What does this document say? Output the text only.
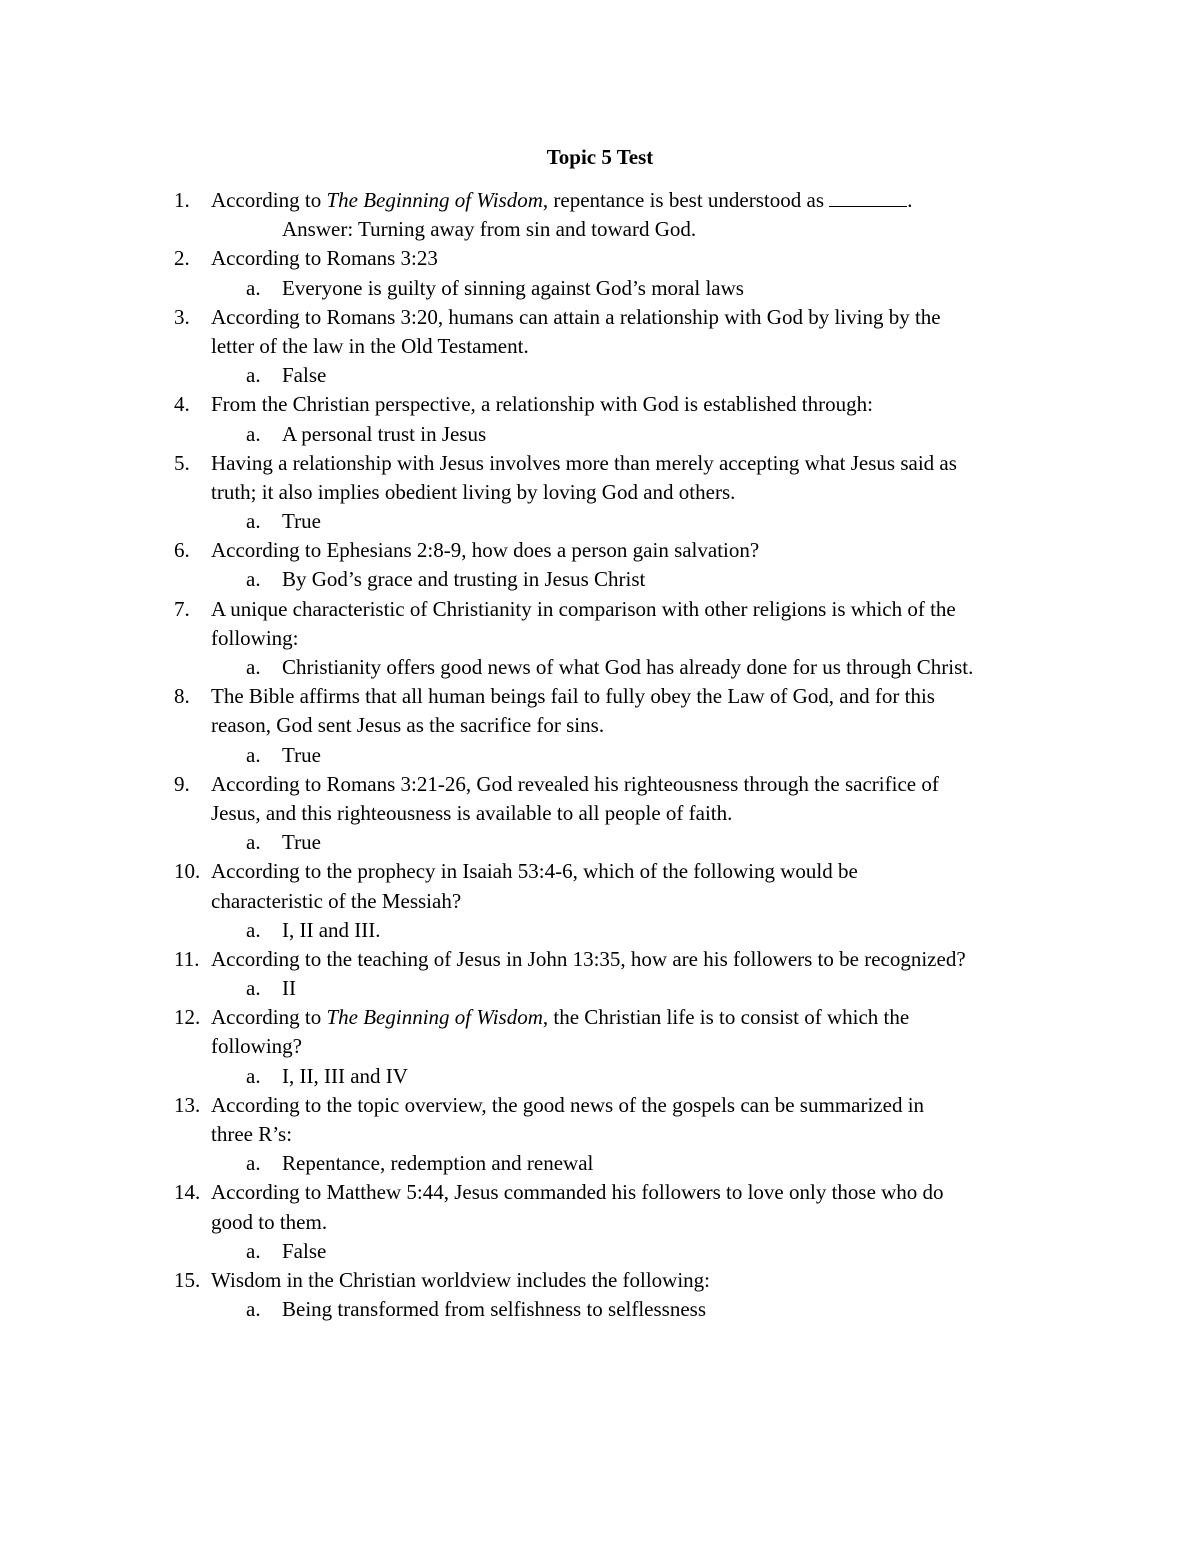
Topic 5 Test
1. According to The Beginning of Wisdom, repentance is best understood as	.
Answer: Turning away from sin and toward God.
2. According to Romans 3:23
a. Everyone is guilty of sinning against God’s moral laws
3. According to Romans 3:20, humans can attain a relationship with God by living by the
letter of the law in the Old Testament.
a. False
4. From the Christian perspective, a relationship with God is established through:
a. A personal trust in Jesus
5. Having a relationship with Jesus involves more than merely accepting what Jesus said as
truth; it also implies obedient living by loving God and others.
a. True
6. According to Ephesians 2:8-9, how does a person gain salvation?
a. By God’s grace and trusting in Jesus Christ
7. A unique characteristic of Christianity in comparison with other religions is which of the
following:
a. Christianity offers good news of what God has already done for us through Christ.
8. The Bible affirms that all human beings fail to fully obey the Law of God, and for this
reason, God sent Jesus as the sacrifice for sins.
a. True
9. According to Romans 3:21-26, God revealed his righteousness through the sacrifice of
Jesus, and this righteousness is available to all people of faith.
a. True
10. According to the prophecy in Isaiah 53:4-6, which of the following would be
characteristic of the Messiah?
a. I, II and III.
11. According to the teaching of Jesus in John 13:35, how are his followers to be recognized?
a. II
12. According to The Beginning of Wisdom, the Christian life is to consist of which the
following?
a. I, II, III and IV
13. According to the topic overview, the good news of the gospels can be summarized in
three R’s:
a. Repentance, redemption and renewal
14. According to Matthew 5:44, Jesus commanded his followers to love only those who do
good to them.
a. False
15. Wisdom in the Christian worldview includes the following:
a. Being transformed from selfishness to selflessness
